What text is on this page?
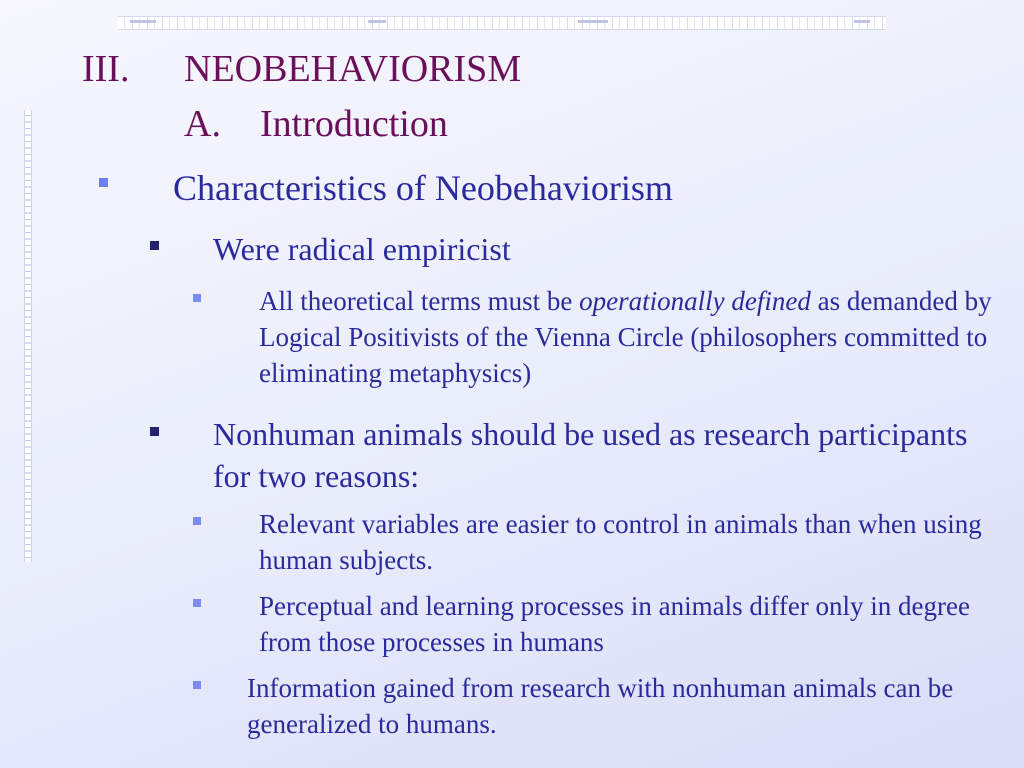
III. NEOBEHAVIORISM
A. Introduction
Characteristics of Neobehaviorism
Were radical empiricist
All theoretical terms must be operationally defined as demanded by Logical Positivists of the Vienna Circle (philosophers committed to eliminating metaphysics)
Nonhuman animals should be used as research participants for two reasons:
Relevant variables are easier to control in animals than when using human subjects.
Perceptual and learning processes in animals differ only in degree from those processes in humans
Information gained from research with nonhuman animals can be generalized to humans.
